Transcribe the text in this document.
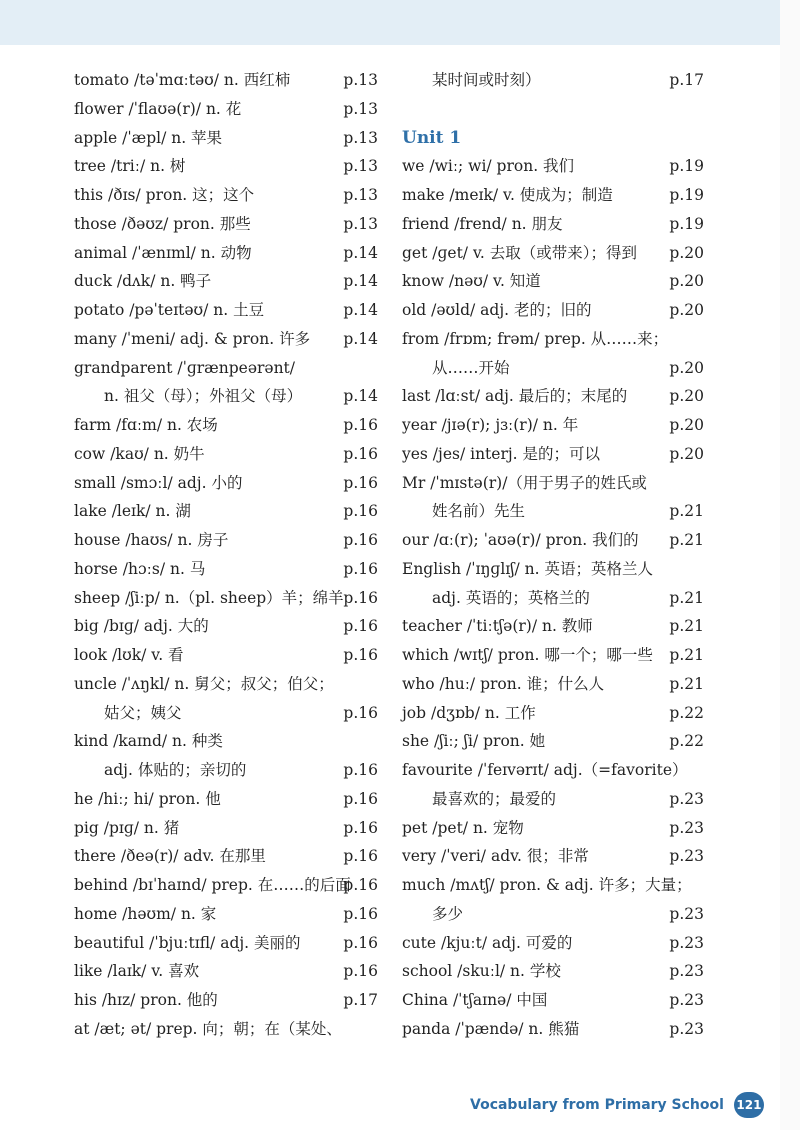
tomato /təˈmɑːtəʊ/ n. 西红柿	p.13
flower /ˈflaʊə(r)/ n. 花	p.13
apple /ˈæpl/ n. 苹果	p.13
tree /triː/ n. 树	p.13
this /ðɪs/ pron. 这；这个	p.13
those /ðəʊz/ pron. 那些	p.13
animal /ˈænɪml/ n. 动物	p.14
duck /dʌk/ n. 鸭子	p.14
potato /pəˈteɪtəʊ/ n. 土豆	p.14
many /ˈmeni/ adj. & pron. 许多 p.14
grandparent /ˈɡrænpeərənt/
n. 祖父（母）；外祖父（母）	p.14
farm /fɑːm/ n. 农场	p.16
cow /kaʊ/ n. 奶牛	p.16
small /smɔːl/ adj. 小的	p.16
lake /leɪk/ n. 湖	p.16
house /haʊs/ n. 房子	p.16
horse /hɔːs/ n. 马	p.16
sheep /ʃiːp/ n.（pl. sheep）羊；绵羊 p.16
big /bɪɡ/ adj. 大的	p.16
look /lʊk/ v. 看	p.16
uncle /ˈʌŋkl/ n. 舅父；叔父；伯父；
姑父；姨父	p.16
kind /kaɪnd/ n. 种类
adj. 体贴的；亲切的	p.16
he /hiː; hi/ pron. 他	p.16
pig /pɪɡ/ n. 猪	p.16
there /ðeə(r)/ adv. 在那里	p.16
behind /bɪˈhaɪnd/ prep. 在……的后面
p.16
home /həʊm/ n. 家	p.16
beautiful /ˈbjuːtɪfl/ adj. 美丽的	p.16
like /laɪk/ v. 喜欢	p.16
his /hɪz/ pron. 他的	p.17
at /æt; ət/ prep. 向；朝；在（某处、
某时间或时刻）	p.17
Unit 1
we /wiː; wi/ pron. 我们	p.19
make /meɪk/ v. 使成为；制造	p.19
friend /frend/ n. 朋友	p.19
get /ɡet/ v. 去取（或带来）；得到 p.20
know /nəʊ/ v. 知道	p.20
old /əʊld/ adj. 老的；旧的	p.20
from /frɒm; frəm/ prep. 从……来；
从……开始	p.20
last /lɑːst/ adj. 最后的；末尾的	p.20
year /jɪə(r); jɜː(r)/ n. 年	p.20
yes /jes/ interj. 是的；可以	p.20
Mr /ˈmɪstə(r)/（用于男子的姓氏或
姓名前）先生	p.21
our /ɑː(r); ˈaʊə(r)/ pron. 我们的 p.21
English /ˈɪŋɡlɪʃ/ n. 英语；英格兰人
adj. 英语的；英格兰的	p.21
teacher /ˈtiːtʃə(r)/ n. 教师	p.21
which /wɪtʃ/ pron. 哪一个；哪一些 p.21
who /huː/ pron. 谁；什么人	p.21
job /dʒɒb/ n. 工作	p.22
she /ʃiː; ʃi/ pron. 她	p.22
favourite /ˈfeɪvərɪt/ adj.（=favorite）
最喜欢的；最爱的	p.23
pet /pet/ n. 宠物	p.23
very /ˈveri/ adv. 很；非常	p.23
much /mʌtʃ/ pron. & adj. 许多；大量；
多少	p.23
cute /kjuːt/ adj. 可爱的	p.23
school /skuːl/ n. 学校	p.23
China /ˈtʃaɪnə/ 中国	p.23
panda /ˈpændə/ n. 熊猫	p.23
Vocabulary from Primary School 121
